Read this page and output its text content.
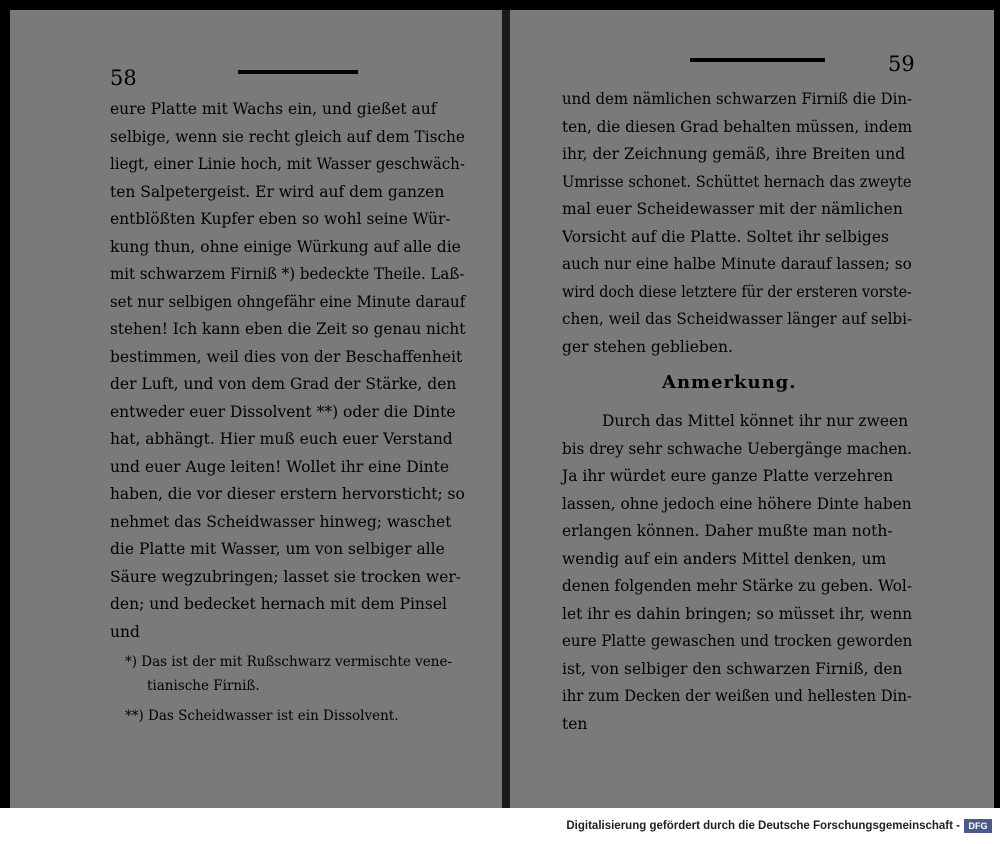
58
eure Platte mit Wachs ein, und gießet auf
selbige, wenn sie recht gleich auf dem Tische
liegt, einer Linie hoch, mit Wasser geschwäch-
ten Salpetergeist. Er wird auf dem ganzen
entblößten Kupfer eben so wohl seine Wür-
kung thun, ohne einige Würkung auf alle die
mit schwarzem Firniß *) bedeckte Theile. Laß-
set nur selbigen ohngefähr eine Minute darauf
stehen! Ich kann eben die Zeit so genau nicht
bestimmen, weil dies von der Beschaffenheit
der Luft, und von dem Grad der Stärke, den
entweder euer Dissolvent **) oder die Dinte
hat, abhängt. Hier muß euch euer Verstand
und euer Auge leiten! Wollet ihr eine Dinte
haben, die vor dieser erstern hervorsticht; so
nehmet das Scheidwasser hinweg; waschet
die Platte mit Wasser, um von selbiger alle
Säure wegzubringen; lasset sie trocken wer-
den; und bedecket hernach mit dem Pinsel
und
*) Das ist der mit Rußschwarz vermischte vene-
tianische Firniß.
**) Das Scheidwasser ist ein Dissolvent.
59
und dem nämlichen schwarzen Firniß die Din-
ten, die diesen Grad behalten müssen, indem
ihr, der Zeichnung gemäß, ihre Breiten und
Umrisse schonet. Schüttet hernach das zweyte
mal euer Scheidewasser mit der nämlichen
Vorsicht auf die Platte. Soltet ihr selbiges
auch nur eine halbe Minute darauf lassen; so
wird doch diese letztere für der ersteren vorste-
chen, weil das Scheidwasser länger auf selbi-
ger stehen geblieben.
Anmerkung.
Durch das Mittel könnet ihr nur zween
bis drey sehr schwache Uebergänge machen.
Ja ihr würdet eure ganze Platte verzehren
lassen, ohne jedoch eine höhere Dinte haben
erlangen können. Daher mußte man noth-
wendig auf ein anders Mittel denken, um
denen folgenden mehr Stärke zu geben. Wol-
let ihr es dahin bringen; so müsset ihr, wenn
eure Platte gewaschen und trocken geworden
ist, von selbiger den schwarzen Firniß, den
ihr zum Decken der weißen und hellesten Din-
ten
Digitalisierung gefördert durch die Deutsche Forschungsgemeinschaft - DFG
